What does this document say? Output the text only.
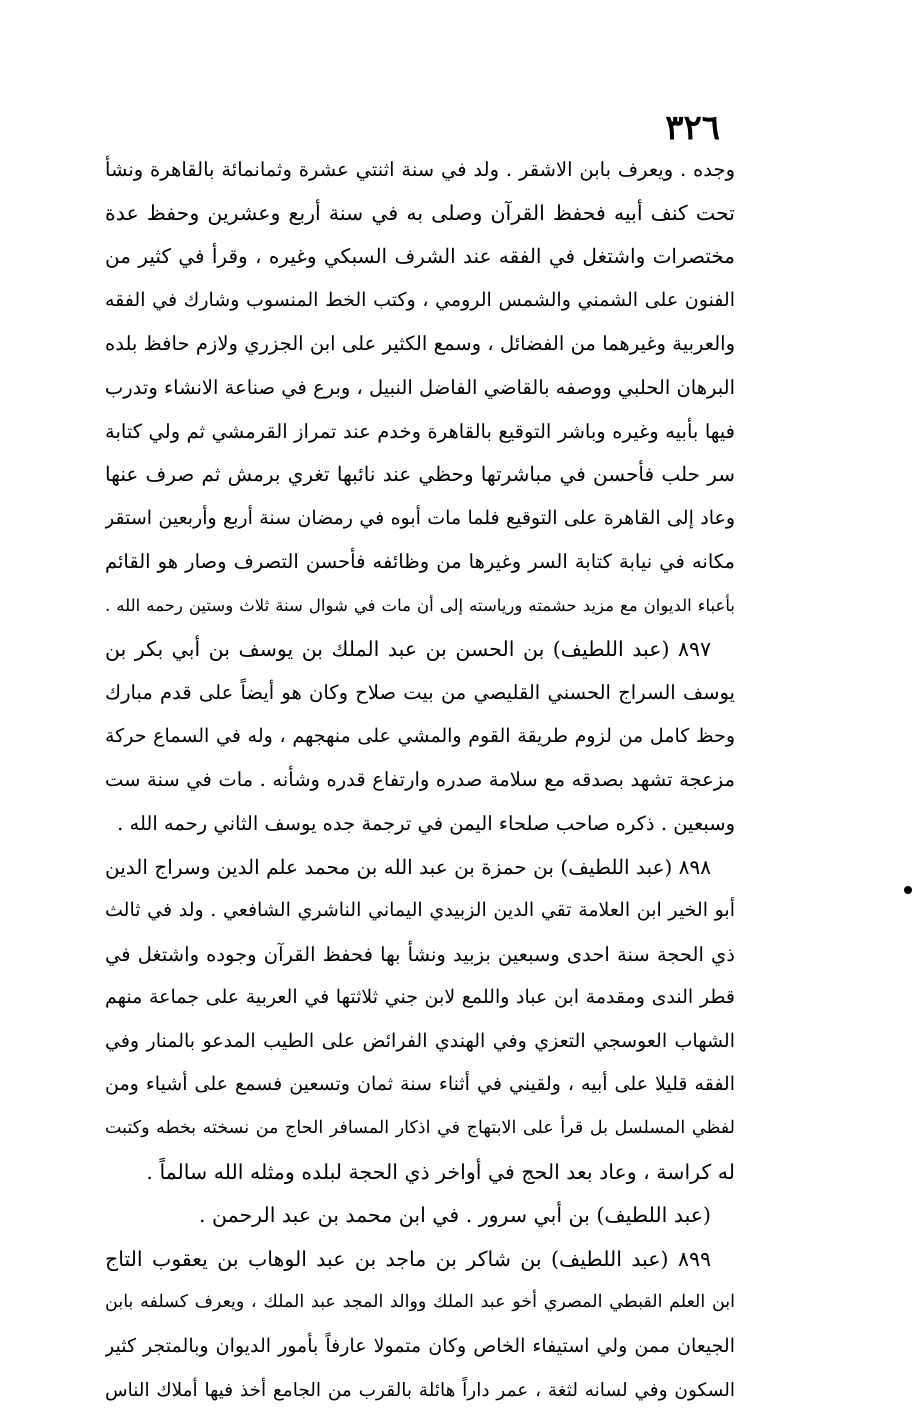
٣٢٦
وجده . ويعرف بابن الاشقر . ولد في سنة اثنتي عشرة وثمانمائة بالقاهرة ونشأ
تحت كنف أبيه فحفظ القرآن وصلى به في سنة أربع وعشرين وحفظ عدة
مختصرات واشتغل في الفقه عند الشرف السبكي وغيره ، وقرأ في كثير من
الفنون على الشمني والشمس الرومي ، وكتب الخط المنسوب وشارك في الفقه
والعربية وغيرهما من الفضائل ، وسمع الكثير على ابن الجزري ولازم حافظ بلده
البرهان الحلبي ووصفه بالقاضي الفاضل النبيل ، وبرع في صناعة الانشاء وتدرب
فيها بأبيه وغيره وباشر التوقيع بالقاهرة وخدم عند تمراز القرمشي ثم ولي كتابة
سر حلب فأحسن في مباشرتها وحظي عند نائبها تغري برمش ثم صرف عنها
وعاد إلى القاهرة على التوقيع فلما مات أبوه في رمضان سنة أربع وأربعين استقر
مكانه في نيابة كتابة السر وغيرها من وظائفه فأحسن التصرف وصار هو القائم
بأعباء الديوان مع مزيد حشمته ورياسته إلى أن مات في شوال سنة ثلاث وستين رحمه الله .
٨٩٧ (عبد اللطيف) بن الحسن بن عبد الملك بن يوسف بن أبي بكر بن
يوسف السراج الحسني القليصي من بيت صلاح وكان هو أيضاً على قدم مبارك
وحظ كامل من لزوم طريقة القوم والمشي على منهجهم ، وله في السماع حركة
مزعجة تشهد بصدقه مع سلامة صدره وارتفاع قدره وشأنه . مات في سنة ست
وسبعين . ذكره صاحب صلحاء اليمن في ترجمة جده يوسف الثاني رحمه الله .
٨٩٨ (عبد اللطيف) بن حمزة بن عبد الله بن محمد علم الدين وسراج الدين
أبو الخير ابن العلامة تقي الدين الزبيدي اليماني الناشري الشافعي . ولد في ثالث
ذي الحجة سنة احدى وسبعين بزبيد ونشأ بها فحفظ القرآن وجوده واشتغل في
قطر الندى ومقدمة ابن عباد واللمع لابن جني ثلاثتها في العربية على جماعة منهم
الشهاب العوسجي التعزي وفي الهندي الفرائض على الطيب المدعو بالمنار وفي
الفقه قليلا على أبيه ، ولقيني في أثناء سنة ثمان وتسعين فسمع على أشياء ومن
لفظي المسلسل بل قرأ على الابتهاج في اذكار المسافر الحاج من نسخته بخطه وكتبت
له كراسة ، وعاد بعد الحج في أواخر ذي الحجة لبلده ومثله الله سالماً .
(عبد اللطيف) بن أبي سرور . في ابن محمد بن عبد الرحمن .
٨٩٩ (عبد اللطيف) بن شاكر بن ماجد بن عبد الوهاب بن يعقوب التاج
ابن العلم القبطي المصري أخو عبد الملك ووالد المجد عبد الملك ، ويعرف كسلفه بابن
الجيعان ممن ولي استيفاء الخاص وكان متمولا عارفاً بأمور الديوان وبالمتجر كثير
السكون وفي لسانه لثغة ، عمر داراً هائلة بالقرب من الجامع أخذ فيها أملاك الناس
